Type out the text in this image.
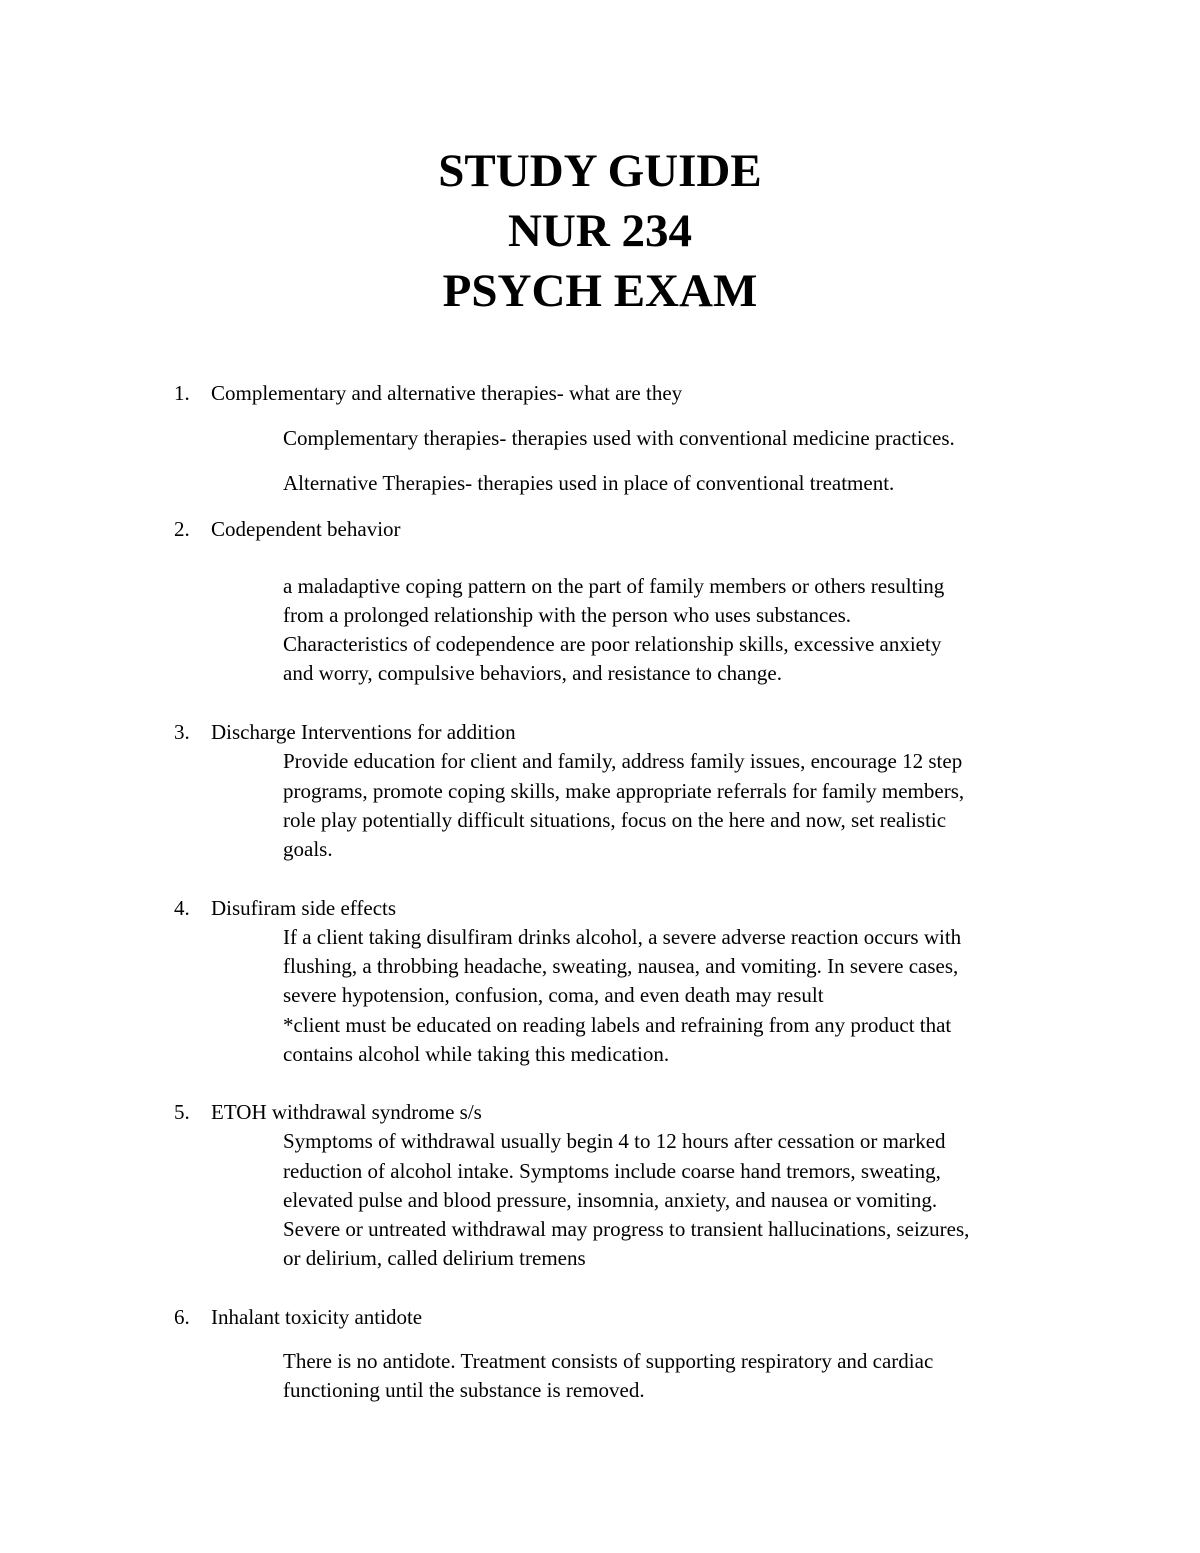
STUDY GUIDE
NUR 234
PSYCH EXAM
1. Complementary and alternative therapies- what are they
Complementary therapies- therapies used with conventional medicine practices.
Alternative Therapies- therapies used in place of conventional treatment.
2. Codependent behavior
a maladaptive coping pattern on the part of family members or others resulting
from a prolonged relationship with the person who uses substances.
Characteristics of codependence are poor relationship skills, excessive anxiety
and worry, compulsive behaviors, and resistance to change.
3. Discharge Interventions for addition
Provide education for client and family, address family issues, encourage 12 step
programs, promote coping skills, make appropriate referrals for family members,
role play potentially difficult situations, focus on the here and now, set realistic
goals.
4. Disufiram side effects
If a client taking disulfiram drinks alcohol, a severe adverse reaction occurs with
flushing, a throbbing headache, sweating, nausea, and vomiting. In severe cases,
severe hypotension, confusion, coma, and even death may result
*client must be educated on reading labels and refraining from any product that
contains alcohol while taking this medication.
5. ETOH withdrawal syndrome s/s
Symptoms of withdrawal usually begin 4 to 12 hours after cessation or marked
reduction of alcohol intake. Symptoms include coarse hand tremors, sweating,
elevated pulse and blood pressure, insomnia, anxiety, and nausea or vomiting.
Severe or untreated withdrawal may progress to transient hallucinations, seizures,
or delirium, called delirium tremens
6. Inhalant toxicity antidote
There is no antidote. Treatment consists of supporting respiratory and cardiac
functioning until the substance is removed.
